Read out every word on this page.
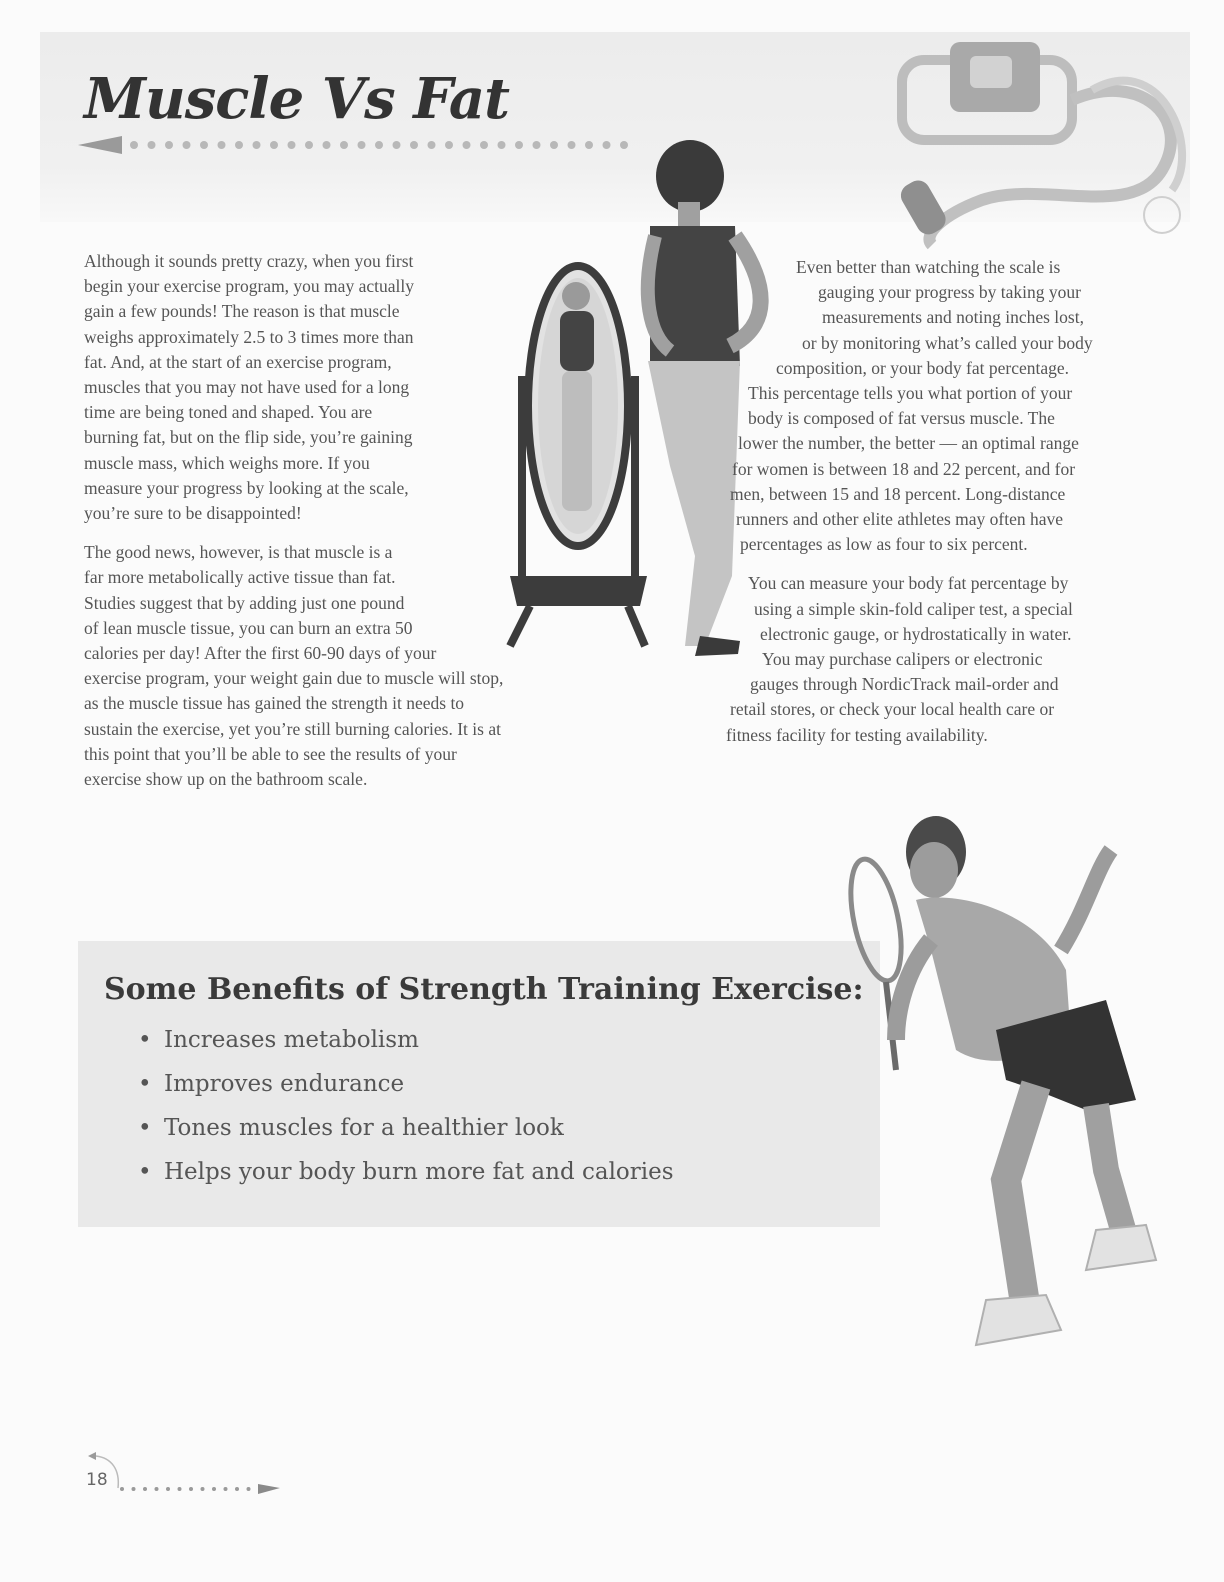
Muscle Vs Fat

Although it sounds pretty crazy, when you first
begin your exercise program, you may actually
gain a few pounds! The reason is that muscle
weighs approximately 2.5 to 3 times more than
fat. And, at the start of an exercise program,
muscles that you may not have used for a long
time are being toned and shaped. You are
burning fat, but on the flip side, you’re gaining
muscle mass, which weighs more. If you
measure your progress by looking at the scale,
you’re sure to be disappointed!

The good news, however, is that muscle is a
far more metabolically active tissue than fat.
Studies suggest that by adding just one pound
of lean muscle tissue, you can burn an extra 50
calories per day! After the first 60-90 days of your
exercise program, your weight gain due to muscle will stop,
as the muscle tissue has gained the strength it needs to
sustain the exercise, yet you’re still burning calories. It is at
this point that you’ll be able to see the results of your
exercise show up on the bathroom scale.

Even better than watching the scale is
gauging your progress by taking your
measurements and noting inches lost,
or by monitoring what’s called your body
composition, or your body fat percentage.
This percentage tells you what portion of your
body is composed of fat versus muscle. The
lower the number, the better — an optimal range
for women is between 18 and 22 percent, and for
men, between 15 and 18 percent. Long-distance
runners and other elite athletes may often have
percentages as low as four to six percent.

You can measure your body fat percentage by
using a simple skin-fold caliper test, a special
electronic gauge, or hydrostatically in water.
You may purchase calipers or electronic
gauges through NordicTrack mail-order and
retail stores, or check your local health care or
fitness facility for testing availability.

Some Benefits of Strength Training Exercise:
• Increases metabolism
• Improves endurance
• Tones muscles for a healthier look
• Helps your body burn more fat and calories
18
